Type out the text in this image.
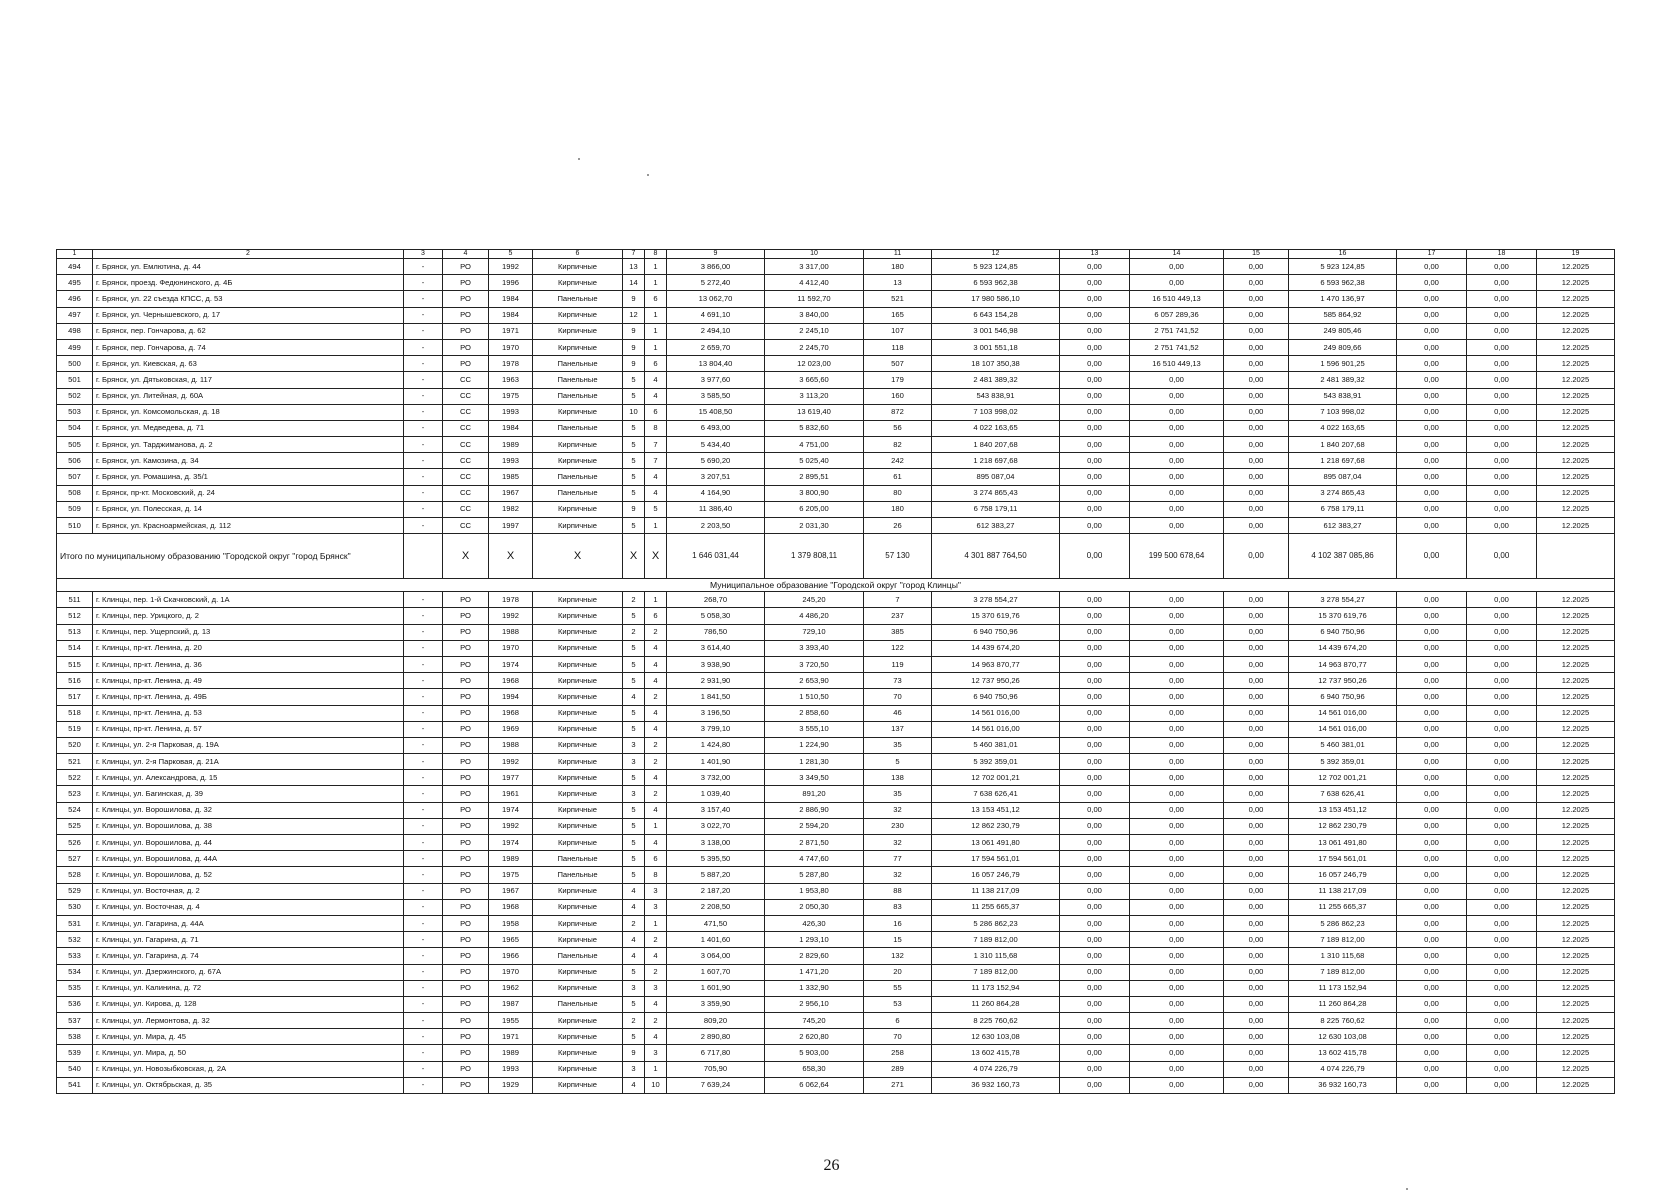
1	2	3	4	5	6	7	8	9	10	11	12	13	14	15	16	17	18	19
494	г. Брянск, ул. Емлютина, д. 44	-	РО	1992	Кирпичные	13	1	3 866,00	3 317,00	180	5 923 124,85	0,00	0,00	0,00	5 923 124,85	0,00	0,00	12.2025
495	г. Брянск, проезд. Федюнинского, д. 4Б	-	РО	1996	Кирпичные	14	1	5 272,40	4 412,40	13	6 593 962,38	0,00	0,00	0,00	6 593 962,38	0,00	0,00	12.2025
496	г. Брянск, ул. 22 съезда КПСС, д. 53	-	РО	1984	Панельные	9	6	13 062,70	11 592,70	521	17 980 586,10	0,00	16 510 449,13	0,00	1 470 136,97	0,00	0,00	12.2025
497	г. Брянск, ул. Чернышевского, д. 17	-	РО	1984	Кирпичные	12	1	4 691,10	3 840,00	165	6 643 154,28	0,00	6 057 289,36	0,00	585 864,92	0,00	0,00	12.2025
498	г. Брянск, пер. Гончарова, д. 62	-	РО	1971	Кирпичные	9	1	2 494,10	2 245,10	107	3 001 546,98	0,00	2 751 741,52	0,00	249 805,46	0,00	0,00	12.2025
499	г. Брянск, пер. Гончарова, д. 74	-	РО	1970	Кирпичные	9	1	2 659,70	2 245,70	118	3 001 551,18	0,00	2 751 741,52	0,00	249 809,66	0,00	0,00	12.2025
500	г. Брянск, ул. Киевская, д. 63	-	РО	1978	Панельные	9	6	13 804,40	12 023,00	507	18 107 350,38	0,00	16 510 449,13	0,00	1 596 901,25	0,00	0,00	12.2025
501	г. Брянск, ул. Дятьковская, д. 117	-	СС	1963	Панельные	5	4	3 977,60	3 665,60	179	2 481 389,32	0,00	0,00	0,00	2 481 389,32	0,00	0,00	12.2025
502	г. Брянск, ул. Литейная, д. 60А	-	СС	1975	Панельные	5	4	3 585,50	3 113,20	160	543 838,91	0,00	0,00	0,00	543 838,91	0,00	0,00	12.2025
503	г. Брянск, ул. Комсомольская, д. 18	-	СС	1993	Кирпичные	10	6	15 408,50	13 619,40	872	7 103 998,02	0,00	0,00	0,00	7 103 998,02	0,00	0,00	12.2025
504	г. Брянск, ул. Медведева, д. 71	-	СС	1984	Панельные	5	8	6 493,00	5 832,60	56	4 022 163,65	0,00	0,00	0,00	4 022 163,65	0,00	0,00	12.2025
505	г. Брянск, ул. Тарджиманова, д. 2	-	СС	1989	Кирпичные	5	7	5 434,40	4 751,00	82	1 840 207,68	0,00	0,00	0,00	1 840 207,68	0,00	0,00	12.2025
506	г. Брянск, ул. Камозина, д. 34	-	СС	1993	Кирпичные	5	7	5 690,20	5 025,40	242	1 218 697,68	0,00	0,00	0,00	1 218 697,68	0,00	0,00	12.2025
507	г. Брянск, ул. Ромашина, д. 35/1	-	СС	1985	Панельные	5	4	3 207,51	2 895,51	61	895 087,04	0,00	0,00	0,00	895 087,04	0,00	0,00	12.2025
508	г. Брянск, пр-кт. Московский, д. 24	-	СС	1967	Панельные	5	4	4 164,90	3 800,90	80	3 274 865,43	0,00	0,00	0,00	3 274 865,43	0,00	0,00	12.2025
509	г. Брянск, ул. Полесская, д. 14	-	СС	1982	Кирпичные	9	5	11 386,40	6 205,00	180	6 758 179,11	0,00	0,00	0,00	6 758 179,11	0,00	0,00	12.2025
510	г. Брянск, ул. Красноармейская, д. 112	-	СС	1997	Кирпичные	5	1	2 203,50	2 031,30	26	612 383,27	0,00	0,00	0,00	612 383,27	0,00	0,00	12.2025
Итого по муниципальному образованию "Городской округ "город Брянск"			X	X	X	X	X	1 646 031,44	1 379 808,11	57 130	4 301 887 764,50	0,00	199 500 678,64	0,00	4 102 387 085,86	0,00	0,00	
Муниципальное образование "Городской округ "город Клинцы"																		
511	г. Клинцы, пер. 1-й Скачковский, д. 1А	-	РО	1978	Кирпичные	2	1	268,70	245,20	7	3 278 554,27	0,00	0,00	0,00	3 278 554,27	0,00	0,00	12.2025
512	г. Клинцы, пер. Урицкого, д. 2	-	РО	1992	Кирпичные	5	6	5 058,30	4 486,20	237	15 370 619,76	0,00	0,00	0,00	15 370 619,76	0,00	0,00	12.2025
513	г. Клинцы, пер. Ущерпский, д. 13	-	РО	1988	Кирпичные	2	2	786,50	729,10	385	6 940 750,96	0,00	0,00	0,00	6 940 750,96	0,00	0,00	12.2025
514	г. Клинцы, пр-кт. Ленина, д. 20	-	РО	1970	Кирпичные	5	4	3 614,40	3 393,40	122	14 439 674,20	0,00	0,00	0,00	14 439 674,20	0,00	0,00	12.2025
515	г. Клинцы, пр-кт. Ленина, д. 36	-	РО	1974	Кирпичные	5	4	3 938,90	3 720,50	119	14 963 870,77	0,00	0,00	0,00	14 963 870,77	0,00	0,00	12.2025
516	г. Клинцы, пр-кт. Ленина, д. 49	-	РО	1968	Кирпичные	5	4	2 931,90	2 653,90	73	12 737 950,26	0,00	0,00	0,00	12 737 950,26	0,00	0,00	12.2025
517	г. Клинцы, пр-кт. Ленина, д. 49Б	-	РО	1994	Кирпичные	4	2	1 841,50	1 510,50	70	6 940 750,96	0,00	0,00	0,00	6 940 750,96	0,00	0,00	12.2025
518	г. Клинцы, пр-кт. Ленина, д. 53	-	РО	1968	Кирпичные	5	4	3 196,50	2 858,60	46	14 561 016,00	0,00	0,00	0,00	14 561 016,00	0,00	0,00	12.2025
519	г. Клинцы, пр-кт. Ленина, д. 57	-	РО	1969	Кирпичные	5	4	3 799,10	3 555,10	137	14 561 016,00	0,00	0,00	0,00	14 561 016,00	0,00	0,00	12.2025
520	г. Клинцы, ул. 2-я Парковая, д. 19А	-	РО	1988	Кирпичные	3	2	1 424,80	1 224,90	35	5 460 381,01	0,00	0,00	0,00	5 460 381,01	0,00	0,00	12.2025
521	г. Клинцы, ул. 2-я Парковая, д. 21А	-	РО	1992	Кирпичные	3	2	1 401,90	1 281,30	5	5 392 359,01	0,00	0,00	0,00	5 392 359,01	0,00	0,00	12.2025
522	г. Клинцы, ул. Александрова, д. 15	-	РО	1977	Кирпичные	5	4	3 732,00	3 349,50	138	12 702 001,21	0,00	0,00	0,00	12 702 001,21	0,00	0,00	12.2025
523	г. Клинцы, ул. Багинская, д. 39	-	РО	1961	Кирпичные	3	2	1 039,40	891,20	35	7 638 626,41	0,00	0,00	0,00	7 638 626,41	0,00	0,00	12.2025
524	г. Клинцы, ул. Ворошилова, д. 32	-	РО	1974	Кирпичные	5	4	3 157,40	2 886,90	32	13 153 451,12	0,00	0,00	0,00	13 153 451,12	0,00	0,00	12.2025
525	г. Клинцы, ул. Ворошилова, д. 38	-	РО	1992	Кирпичные	5	1	3 022,70	2 594,20	230	12 862 230,79	0,00	0,00	0,00	12 862 230,79	0,00	0,00	12.2025
526	г. Клинцы, ул. Ворошилова, д. 44	-	РО	1974	Кирпичные	5	4	3 138,00	2 871,50	32	13 061 491,80	0,00	0,00	0,00	13 061 491,80	0,00	0,00	12.2025
527	г. Клинцы, ул. Ворошилова, д. 44А	-	РО	1989	Панельные	5	6	5 395,50	4 747,60	77	17 594 561,01	0,00	0,00	0,00	17 594 561,01	0,00	0,00	12.2025
528	г. Клинцы, ул. Ворошилова, д. 52	-	РО	1975	Панельные	5	8	5 887,20	5 287,80	32	16 057 246,79	0,00	0,00	0,00	16 057 246,79	0,00	0,00	12.2025
529	г. Клинцы, ул. Восточная, д. 2	-	РО	1967	Кирпичные	4	3	2 187,20	1 953,80	88	11 138 217,09	0,00	0,00	0,00	11 138 217,09	0,00	0,00	12.2025
530	г. Клинцы, ул. Восточная, д. 4	-	РО	1968	Кирпичные	4	3	2 208,50	2 050,30	83	11 255 665,37	0,00	0,00	0,00	11 255 665,37	0,00	0,00	12.2025
531	г. Клинцы, ул. Гагарина, д. 44А	-	РО	1958	Кирпичные	2	1	471,50	426,30	16	5 286 862,23	0,00	0,00	0,00	5 286 862,23	0,00	0,00	12.2025
532	г. Клинцы, ул. Гагарина, д. 71	-	РО	1965	Кирпичные	4	2	1 401,60	1 293,10	15	7 189 812,00	0,00	0,00	0,00	7 189 812,00	0,00	0,00	12.2025
533	г. Клинцы, ул. Гагарина, д. 74	-	РО	1966	Панельные	4	4	3 064,00	2 829,60	132	1 310 115,68	0,00	0,00	0,00	1 310 115,68	0,00	0,00	12.2025
534	г. Клинцы, ул. Дзержинского, д. 67А	-	РО	1970	Кирпичные	5	2	1 607,70	1 471,20	20	7 189 812,00	0,00	0,00	0,00	7 189 812,00	0,00	0,00	12.2025
535	г. Клинцы, ул. Калинина, д. 72	-	РО	1962	Кирпичные	3	3	1 601,90	1 332,90	55	11 173 152,94	0,00	0,00	0,00	11 173 152,94	0,00	0,00	12.2025
536	г. Клинцы, ул. Кирова, д. 128	-	РО	1987	Панельные	5	4	3 359,90	2 956,10	53	11 260 864,28	0,00	0,00	0,00	11 260 864,28	0,00	0,00	12.2025
537	г. Клинцы, ул. Лермонтова, д. 32	-	РО	1955	Кирпичные	2	2	809,20	745,20	6	8 225 760,62	0,00	0,00	0,00	8 225 760,62	0,00	0,00	12.2025
538	г. Клинцы, ул. Мира, д. 45	-	РО	1971	Кирпичные	5	4	2 890,80	2 620,80	70	12 630 103,08	0,00	0,00	0,00	12 630 103,08	0,00	0,00	12.2025
539	г. Клинцы, ул. Мира, д. 50	-	РО	1989	Кирпичные	9	3	6 717,80	5 903,00	258	13 602 415,78	0,00	0,00	0,00	13 602 415,78	0,00	0,00	12.2025
540	г. Клинцы, ул. Новозыбковская, д. 2А	-	РО	1993	Кирпичные	3	1	705,90	658,30	289	4 074 226,79	0,00	0,00	0,00	4 074 226,79	0,00	0,00	12.2025
541	г. Клинцы, ул. Октябрьская, д. 35	-	РО	1929	Кирпичные	4	10	7 639,24	6 062,64	271	36 932 160,73	0,00	0,00	0,00	36 932 160,73	0,00	0,00	12.2025
26
